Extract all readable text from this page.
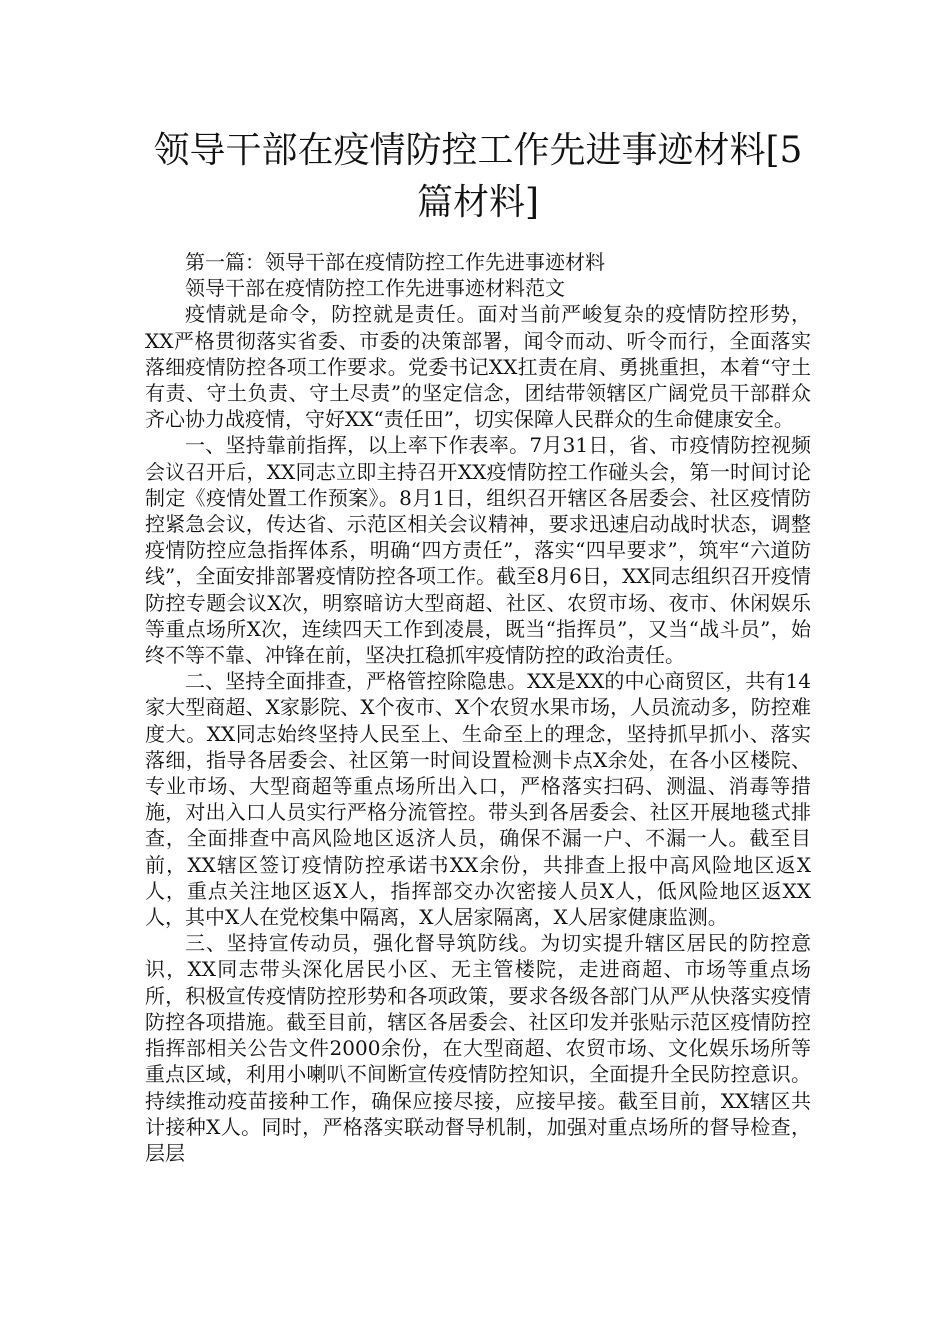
领导干部在疫情防控工作先进事迹材料[5篇材料]

第一篇：领导干部在疫情防控工作先进事迹材料

领导干部在疫情防控工作先进事迹材料范文

疫情就是命令，防控就是责任。面对当前严峻复杂的疫情防控形势，XX严格贯彻落实省委、市委的决策部署，闻令而动、听令而行，全面落实落细疫情防控各项工作要求。党委书记XX扛责在肩、勇挑重担，本着“守土有责、守土负责、守土尽责”的坚定信念，团结带领辖区广阔党员干部群众齐心协力战疫情，守好XX“责任田”，切实保障人民群众的生命健康安全。

一、坚持靠前指挥，以上率下作表率。7月31日，省、市疫情防控视频会议召开后，XX同志立即主持召开XX疫情防控工作碰头会，第一时间讨论制定《疫情处置工作预案》。8月1日，组织召开辖区各居委会、社区疫情防控紧急会议，传达省、示范区相关会议精神，要求迅速启动战时状态，调整疫情防控应急指挥体系，明确“四方责任”，落实“四早要求”，筑牢“六道防线”，全面安排部署疫情防控各项工作。截至8月6日，XX同志组织召开疫情防控专题会议X次，明察暗访大型商超、社区、农贸市场、夜市、休闲娱乐等重点场所X次，连续四天工作到凌晨，既当“指挥员”，又当“战斗员”，始终不等不靠、冲锋在前，坚决扛稳抓牢疫情防控的政治责任。

二、坚持全面排查，严格管控除隐患。XX是XX的中心商贸区，共有14家大型商超、X家影院、X个夜市、X个农贸水果市场，人员流动多，防控难度大。XX同志始终坚持人民至上、生命至上的理念，坚持抓早抓小、落实落细，指导各居委会、社区第一时间设置检测卡点X余处，在各小区楼院、专业市场、大型商超等重点场所出入口，严格落实扫码、测温、消毒等措施，对出入口人员实行严格分流管控。带头到各居委会、社区开展地毯式排查，全面排查中高风险地区返济人员，确保不漏一户、不漏一人。截至目前，XX辖区签订疫情防控承诺书XX余份，共排查上报中高风险地区返X人，重点关注地区返X人，指挥部交办次密接人员X人，低风险地区返XX人，其中X人在党校集中隔离，X人居家隔离，X人居家健康监测。

三、坚持宣传动员，强化督导筑防线。为切实提升辖区居民的防控意识，XX同志带头深化居民小区、无主管楼院，走进商超、市场等重点场所，积极宣传疫情防控形势和各项政策，要求各级各部门从严从快落实疫情防控各项措施。截至目前，辖区各居委会、社区印发并张贴示范区疫情防控指挥部相关公告文件2000余份，在大型商超、农贸市场、文化娱乐场所等重点区域，利用小喇叭不间断宣传疫情防控知识，全面提升全民防控意识。持续推动疫苗接种工作，确保应接尽接，应接早接。截至目前，XX辖区共计接种X人。同时，严格落实联动督导机制，加强对重点场所的督导检查，层层
